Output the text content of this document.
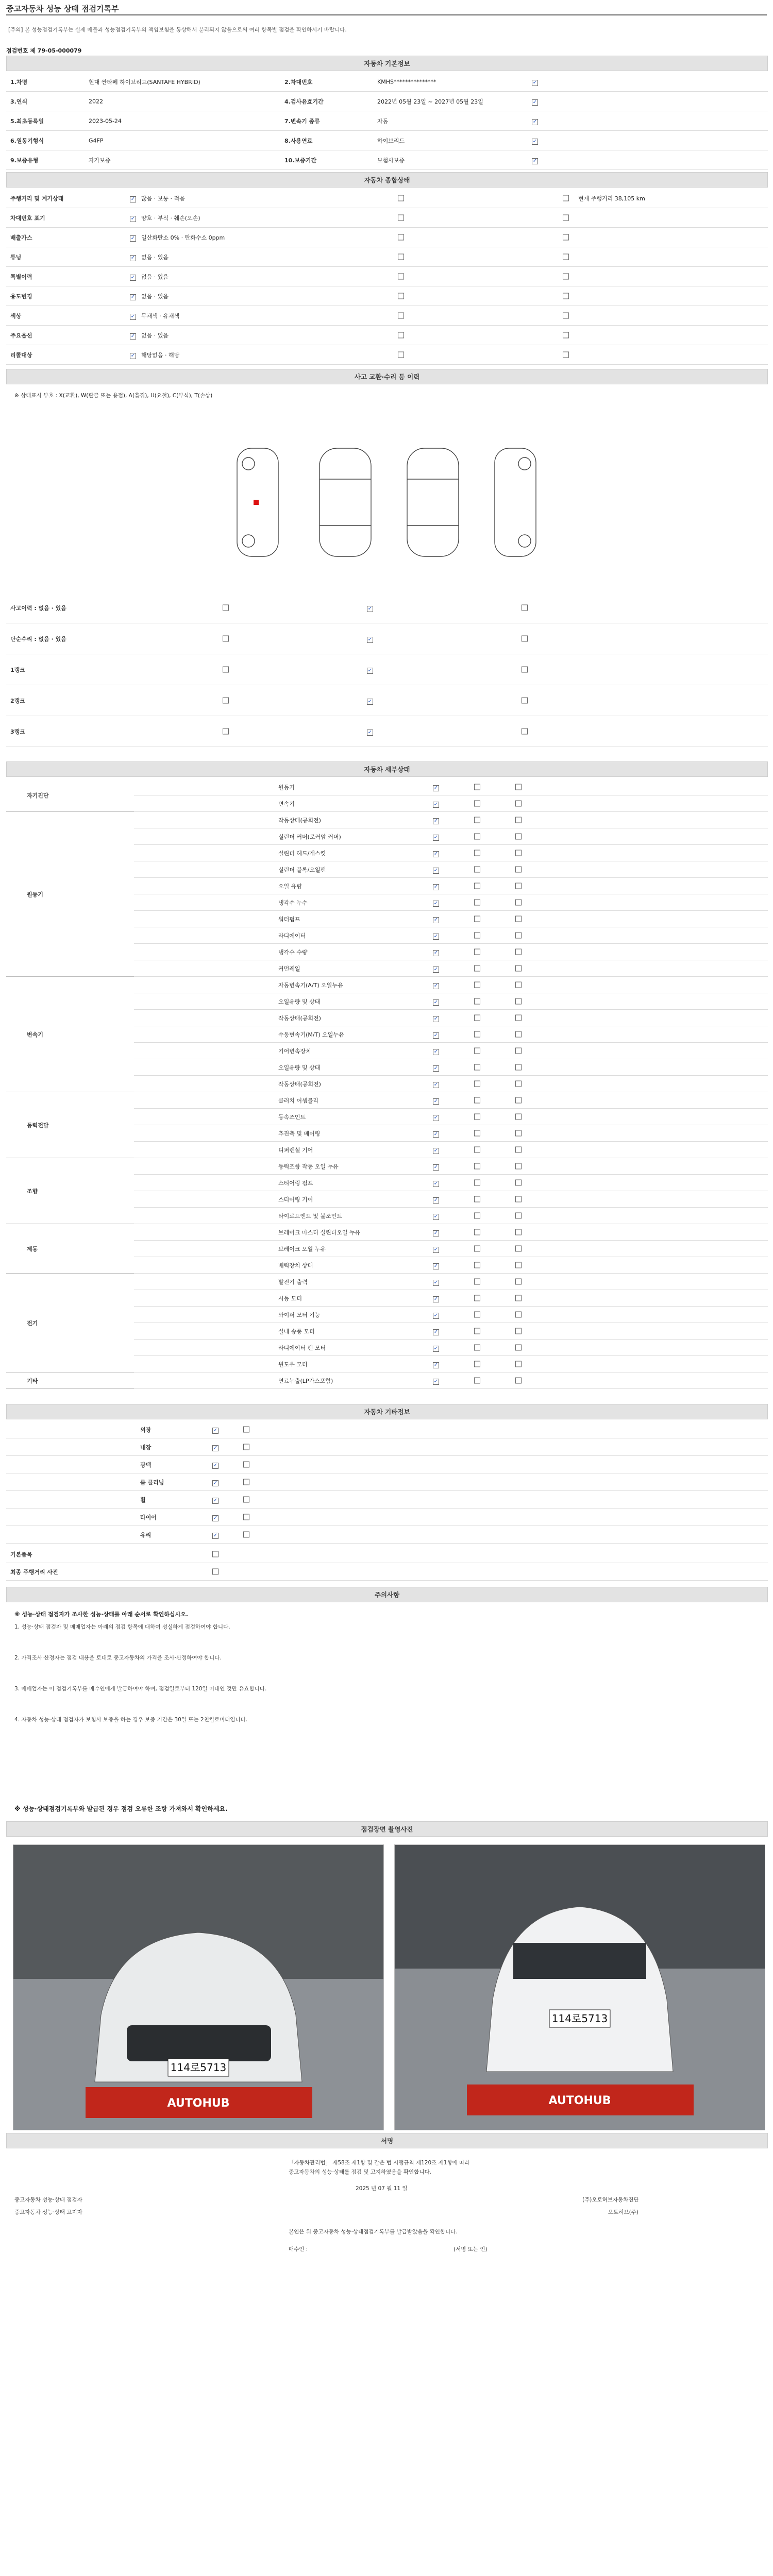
중고자동차 성능 상태 점검기록부
[주의] 본 성능점검기록부는 실제 매물과 성능점검기록부의 책임보험을 통상해서 분리되지 않음으로써 여러 항목별 점검을 확인하시기 바랍니다.
점검번호 제 79-05-000079
자동차 기본정보
자동차 종합상태
사고 교환·수리 등 이력
※ 상태표시 부호 : X(교환), W(판금 또는 용접), A(흠집), U(요철), C(부식), T(손상)
자동차 세부상태
자동차 기타정보
주의사항
※ 성능·상태 점검자가 조사한 성능·상태를 아래 순서로 확인하십시오.
※ 성능·상태점검기록부와 발급된 경우 점검 오류한 조항 가져와서 확인하세요.
점검장면 촬영사진
114로5713
AUTOHUB
114로5713
AUTOHUB
서명
「자동차관리법」 제58조 제1항 및 같은 법 시행규칙 제120조 제1항에 따라
중고자동차의 성능·상태를 점검 및 고지하였음을 확인합니다.
2025 년 07 월 11 일
중고자동차 성능·상태 점검자	(주)오토허브자동차진단
중고자동차 성능·상태 고지자	오토허브(주)
본인은 위 중고자동차 성능·상태점검기록부를 발급받았음을 확인합니다.
매수인 :	(서명 또는 인)
1.차명	현대 싼타페 하이브리드(SANTAFE HYBRID)	2.차대번호	KMHS***************	✓
3.연식	2022	4.검사유효기간	2022년 05월 23일 ~ 2027년 05월 23일	✓
5.최초등록일	2023-05-24	7.변속기 종류	자동	✓
6.원동기형식	G4FP	8.사용연료	하이브리드	✓
9.보증유형	자가보증	10.보증기간	보험사보증	✓
주행거리 및 계기상태	✓	많음 · 보통 · 적음	현재 주행거리 38,105 km
차대번호 표기	✓	양호 · 부식 · 훼손(오손)
배출가스	✓	일산화탄소 0% · 탄화수소 0ppm
튜닝	✓	없음 · 있음
특별이력	✓	없음 · 있음
용도변경	✓	없음 · 있음
색상	✓	무채색 · 유채색
주요옵션	✓	없음 · 있음
리콜대상	✓	해당없음 · 해당
사고이력 : 없음 · 있음	✓
단순수리 : 없음 · 있음	✓
1랭크	✓
2랭크	✓
3랭크	✓
자기진단
원동기	✓
변속기	✓
원동기
작동상태(공회전)	✓
실린더 커버(로커암 커버)	✓
실린더 헤드/개스킷	✓
실린더 블록/오일팬	✓
오일 유량	✓
냉각수 누수	✓
워터펌프	✓
라디에이터	✓
냉각수 수량	✓
커먼레일	✓
변속기
자동변속기(A/T) 오일누유	✓
오일유량 및 상태	✓
작동상태(공회전)	✓
수동변속기(M/T) 오일누유	✓
기어변속장치	✓
오일유량 및 상태	✓
작동상태(공회전)	✓
동력전달
클러치 어셈블리	✓
등속조인트	✓
추진축 및 베어링	✓
디퍼렌셜 기어	✓
조향
동력조향 작동 오일 누유	✓
스티어링 펌프	✓
스티어링 기어	✓
타이로드엔드 및 볼조인트	✓
제동
브레이크 마스터 실린더오일 누유	✓
브레이크 오일 누유	✓
배력장치 상태	✓
전기
발전기 출력	✓
시동 모터	✓
와이퍼 모터 기능	✓
실내 송풍 모터	✓
라디에이터 팬 모터	✓
윈도우 모터	✓
기타	연료누출(LP가스포함)	✓
외장	✓
내장	✓
광택	✓
룸 클리닝	✓
휠	✓
타이어	✓
유리	✓
기본품목
최종 주행거리 사진
1. 성능·상태 점검자 및 매매업자는 아래의 점검 항목에 대하여 성실하게 점검하여야 합니다.
2. 가격조사·산정자는 점검 내용을 토대로 중고자동차의 가격을 조사·산정하여야 합니다.
3. 매매업자는 이 점검기록부를 매수인에게 발급하여야 하며, 점검일로부터 120일 이내인 것만 유효합니다.
4. 자동차 성능·상태 점검자가 보험사 보증을 하는 경우 보증 기간은 30일 또는 2천킬로미터입니다.
